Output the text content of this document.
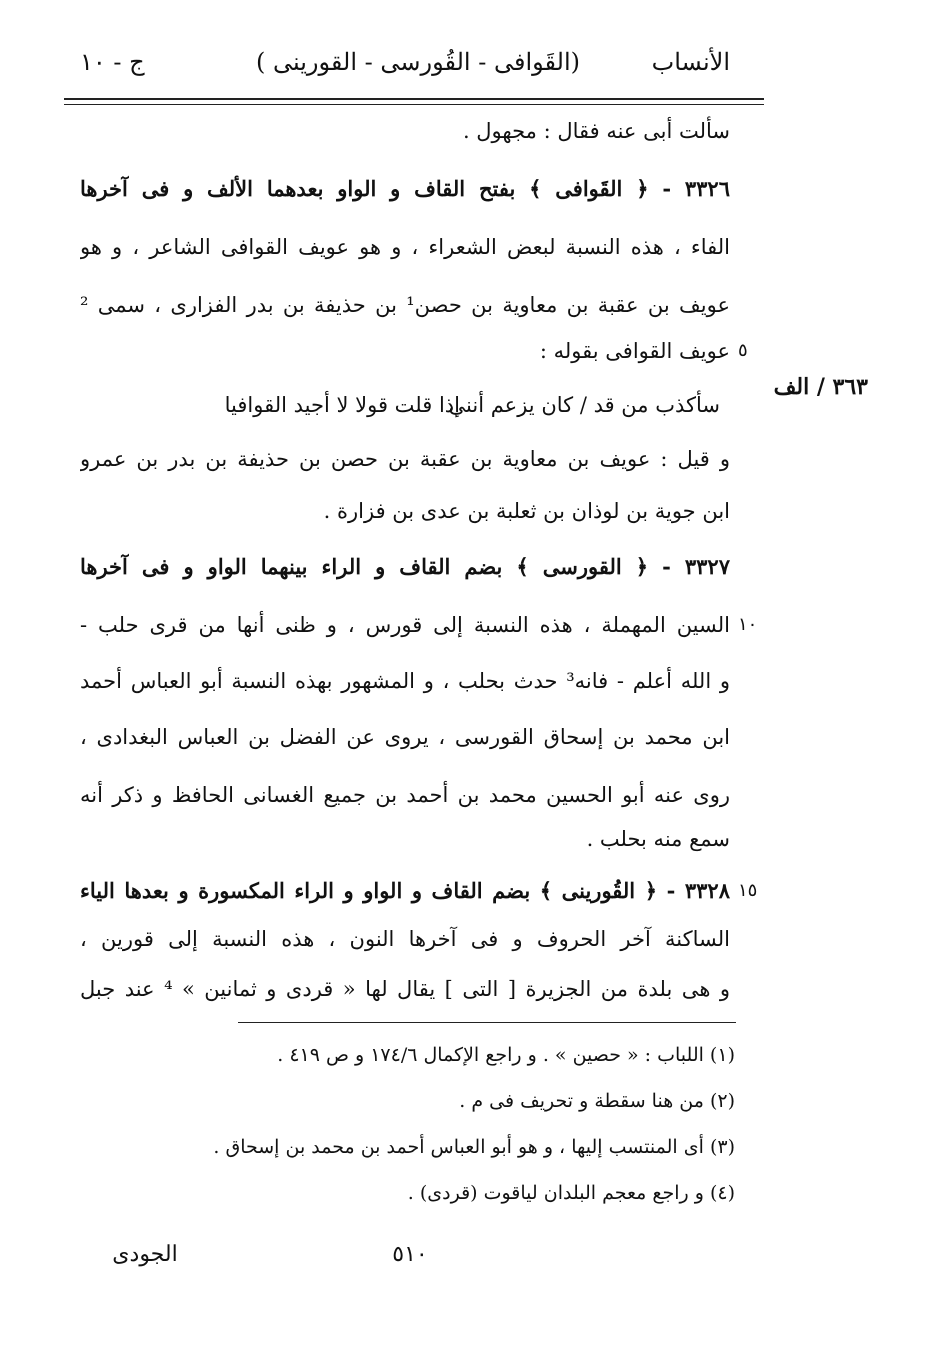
الأنساب
(القَوافى - القُورسى - القورينى )
ج - ١٠
سألت أبى عنه فقال : مجهول .
٣٣٢٦ - ﴿ القَوافى ﴾ بفتح القاف و الواو بعدهما الألف و فى آخرها
الفاء ، هذه النسبة لبعض الشعراء ، و هو عويف القوافى الشاعر ، و هو
عويف بن عقبة بن معاوية بن حصن¹ بن حذيفة بن بدر الفزارى ، سمى ²
عويف القوافى بقوله : ٥
٣٦٣ / الف
سأكذب من قد / كان يزعم أننى
إذا قلت قولا لا أجيد القوافيا
و قيل : عويف بن معاوية بن عقبة بن حصن بن حذيفة بن بدر بن عمرو
ابن جوية بن لوذان بن ثعلبة بن عدى بن فزارة .
٣٣٢٧ - ﴿ القورسى ﴾ بضم القاف و الراء بينهما الواو و فى آخرها
السين المهملة ، هذه النسبة إلى قورس ، و ظنى أنها من قرى حلب - ١٠
و الله أعلم - فانه³ حدث بحلب ، و المشهور بهذه النسبة أبو العباس أحمد
ابن محمد بن إسحاق القورسى ، يروى عن الفضل بن العباس البغدادى ،
روى عنه أبو الحسين محمد بن أحمد بن جميع الغسانى الحافظ و ذكر أنه
سمع منه بحلب .
٣٣٢٨ - ﴿ القُورينى ﴾ بضم القاف و الواو و الراء المكسورة و بعدها الياء ١٥
الساكنة آخر الحروف و فى آخرها النون ، هذه النسبة إلى قورين ،
و هى بلدة من الجزيرة [ التى ] يقال لها « قردى و ثمانين » ⁴ عند جبل
(١) اللباب : « حصين » . و راجع الإكمال ١٧٤/٦ و ص ٤١٩ .
(٢) من هنا سقطة و تحريف فى م .
(٣) أى المنتسب إليها ، و هو أبو العباس أحمد بن محمد بن إسحاق .
(٤) و راجع معجم البلدان لياقوت (قردى) .
٥١٠
الجودى
